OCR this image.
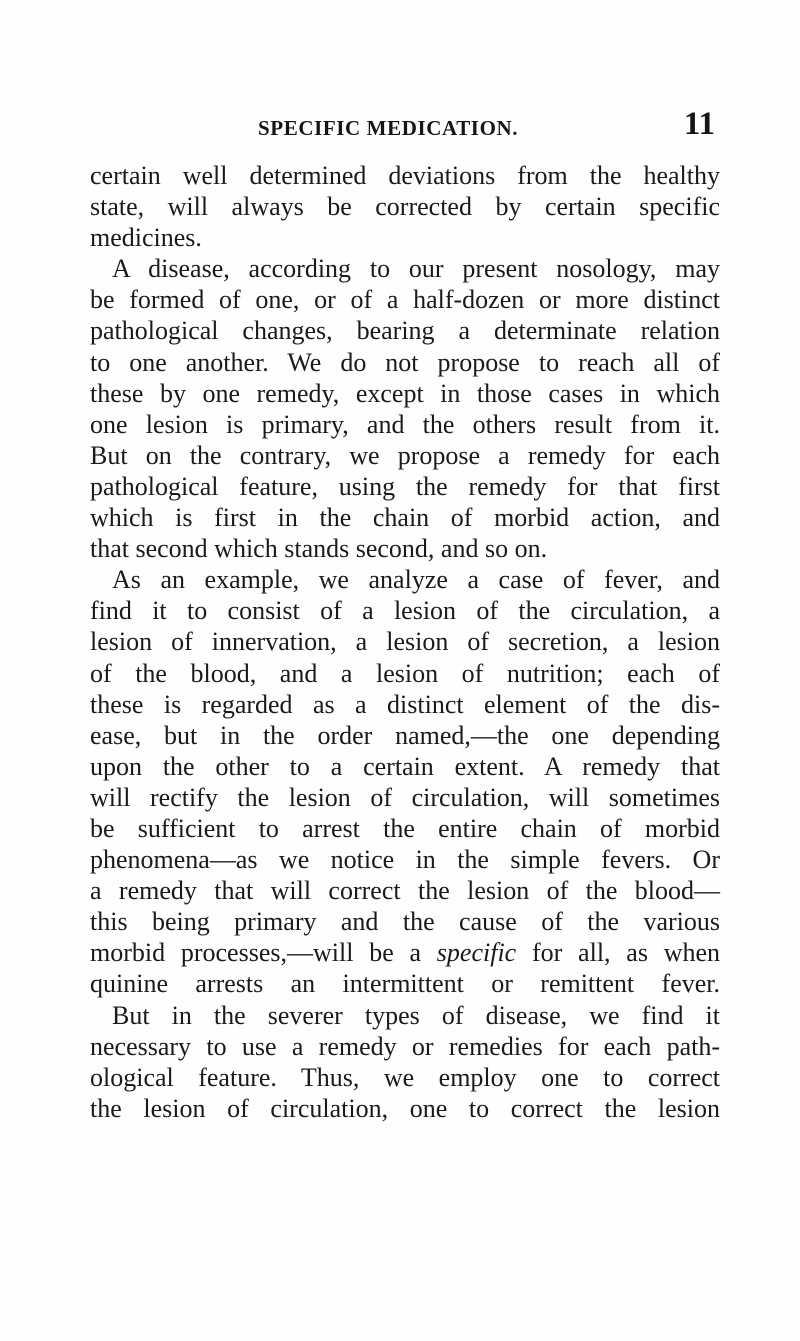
SPECIFIC MEDICATION.	11
certain well determined deviations from the healthy
state, will always be corrected by certain specific
medicines.
A disease, according to our present nosology, may
be formed of one, or of a half-dozen or more distinct
pathological changes, bearing a determinate relation
to one another. We do not propose to reach all of
these by one remedy, except in those cases in which
one lesion is primary, and the others result from it.
But on the contrary, we propose a remedy for each
pathological feature, using the remedy for that first
which is first in the chain of morbid action, and
that second which stands second, and so on.
As an example, we analyze a case of fever, and
find it to consist of a lesion of the circulation, a
lesion of innervation, a lesion of secretion, a lesion
of the blood, and a lesion of nutrition; each of
these is regarded as a distinct element of the dis-
ease, but in the order named,—the one depending
upon the other to a certain extent. A remedy that
will rectify the lesion of circulation, will sometimes
be sufficient to arrest the entire chain of morbid
phenomena—as we notice in the simple fevers. Or
a remedy that will correct the lesion of the blood—
this being primary and the cause of the various
morbid processes,—will be a specific for all, as when
quinine arrests an intermittent or remittent fever.
But in the severer types of disease, we find it
necessary to use a remedy or remedies for each path-
ological feature. Thus, we employ one to correct
the lesion of circulation, one to correct the lesion
